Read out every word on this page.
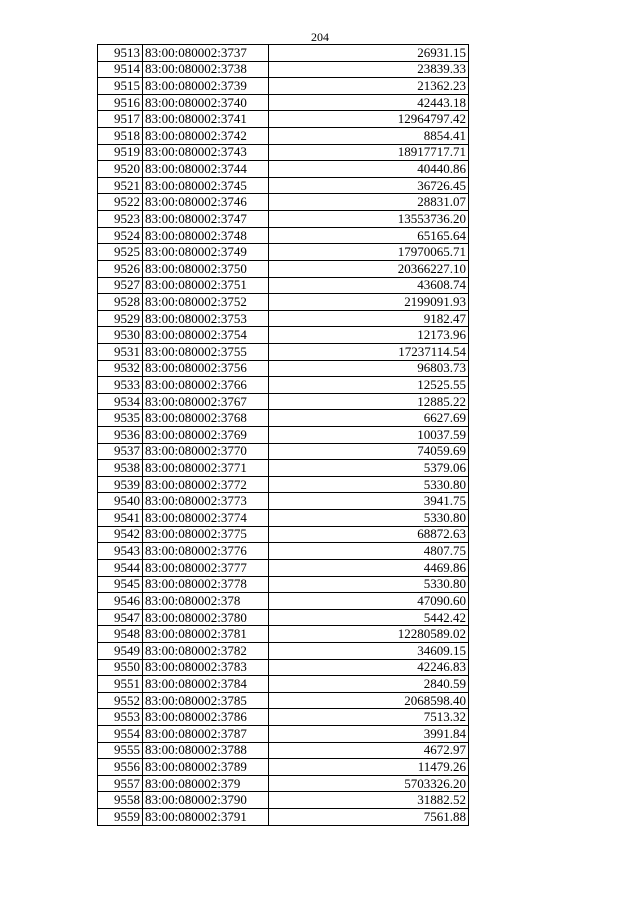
204
9513	83:00:080002:3737	26931.15
9514	83:00:080002:3738	23839.33
9515	83:00:080002:3739	21362.23
9516	83:00:080002:3740	42443.18
9517	83:00:080002:3741	12964797.42
9518	83:00:080002:3742	8854.41
9519	83:00:080002:3743	18917717.71
9520	83:00:080002:3744	40440.86
9521	83:00:080002:3745	36726.45
9522	83:00:080002:3746	28831.07
9523	83:00:080002:3747	13553736.20
9524	83:00:080002:3748	65165.64
9525	83:00:080002:3749	17970065.71
9526	83:00:080002:3750	20366227.10
9527	83:00:080002:3751	43608.74
9528	83:00:080002:3752	2199091.93
9529	83:00:080002:3753	9182.47
9530	83:00:080002:3754	12173.96
9531	83:00:080002:3755	17237114.54
9532	83:00:080002:3756	96803.73
9533	83:00:080002:3766	12525.55
9534	83:00:080002:3767	12885.22
9535	83:00:080002:3768	6627.69
9536	83:00:080002:3769	10037.59
9537	83:00:080002:3770	74059.69
9538	83:00:080002:3771	5379.06
9539	83:00:080002:3772	5330.80
9540	83:00:080002:3773	3941.75
9541	83:00:080002:3774	5330.80
9542	83:00:080002:3775	68872.63
9543	83:00:080002:3776	4807.75
9544	83:00:080002:3777	4469.86
9545	83:00:080002:3778	5330.80
9546	83:00:080002:378	47090.60
9547	83:00:080002:3780	5442.42
9548	83:00:080002:3781	12280589.02
9549	83:00:080002:3782	34609.15
9550	83:00:080002:3783	42246.83
9551	83:00:080002:3784	2840.59
9552	83:00:080002:3785	2068598.40
9553	83:00:080002:3786	7513.32
9554	83:00:080002:3787	3991.84
9555	83:00:080002:3788	4672.97
9556	83:00:080002:3789	11479.26
9557	83:00:080002:379	5703326.20
9558	83:00:080002:3790	31882.52
9559	83:00:080002:3791	7561.88
